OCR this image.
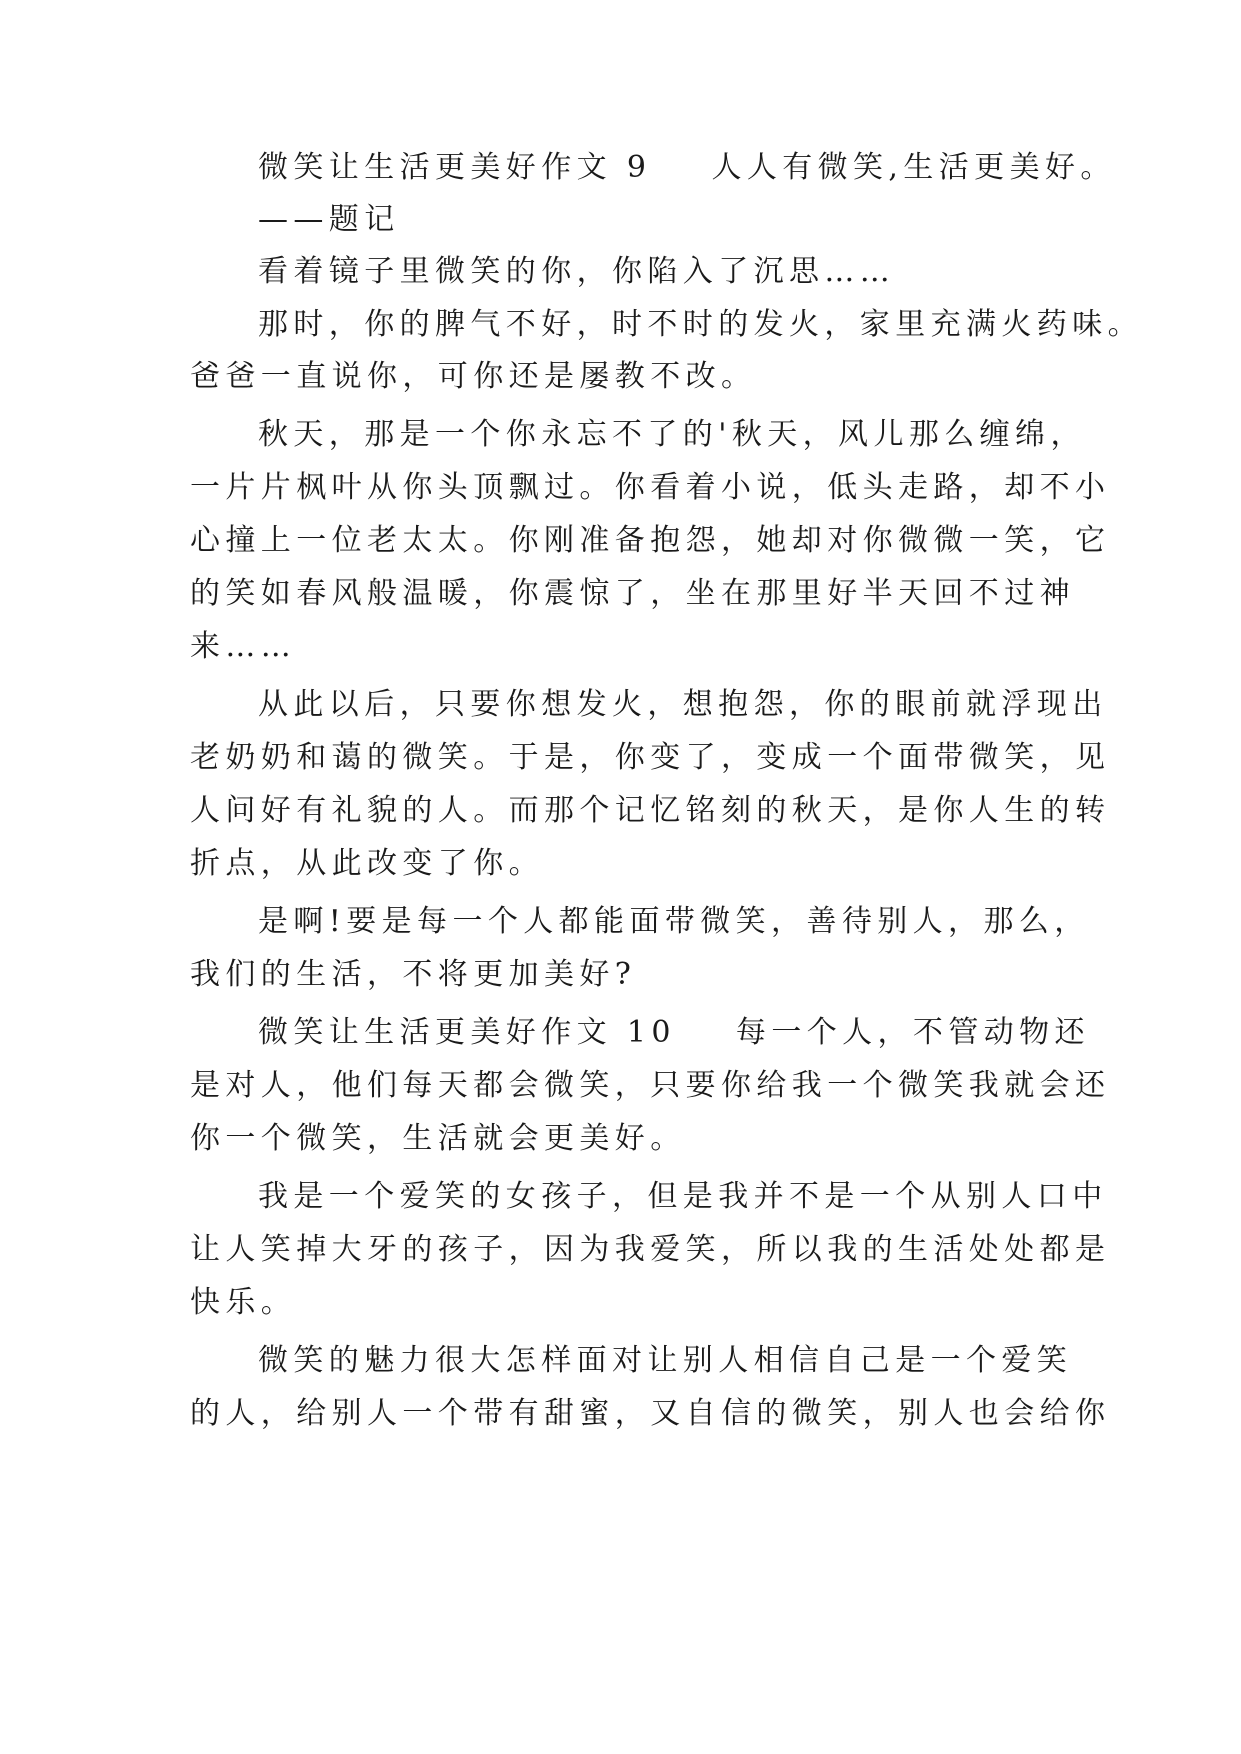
微笑让生活更美好作文 9 人人有微笑,生活更美好。
——题记
看着镜子里微笑的你，你陷入了沉思……
那时，你的脾气不好，时不时的发火，家里充满火药味。
爸爸一直说你，可你还是屡教不改。
秋天，那是一个你永忘不了的'秋天，风儿那么缠绵，
一片片枫叶从你头顶飘过。你看着小说，低头走路，却不小
心撞上一位老太太。你刚准备抱怨，她却对你微微一笑，它
的笑如春风般温暖，你震惊了，坐在那里好半天回不过神
来……
从此以后，只要你想发火，想抱怨，你的眼前就浮现出
老奶奶和蔼的微笑。于是，你变了，变成一个面带微笑，见
人问好有礼貌的人。而那个记忆铭刻的秋天，是你人生的转
折点，从此改变了你。
是啊!要是每一个人都能面带微笑，善待别人，那么，
我们的生活，不将更加美好?
微笑让生活更美好作文 10 每一个人，不管动物还
是对人，他们每天都会微笑，只要你给我一个微笑我就会还
你一个微笑，生活就会更美好。
我是一个爱笑的女孩子，但是我并不是一个从别人口中
让人笑掉大牙的孩子，因为我爱笑，所以我的生活处处都是
快乐。
微笑的魅力很大怎样面对让别人相信自己是一个爱笑
的人，给别人一个带有甜蜜，又自信的微笑，别人也会给你
